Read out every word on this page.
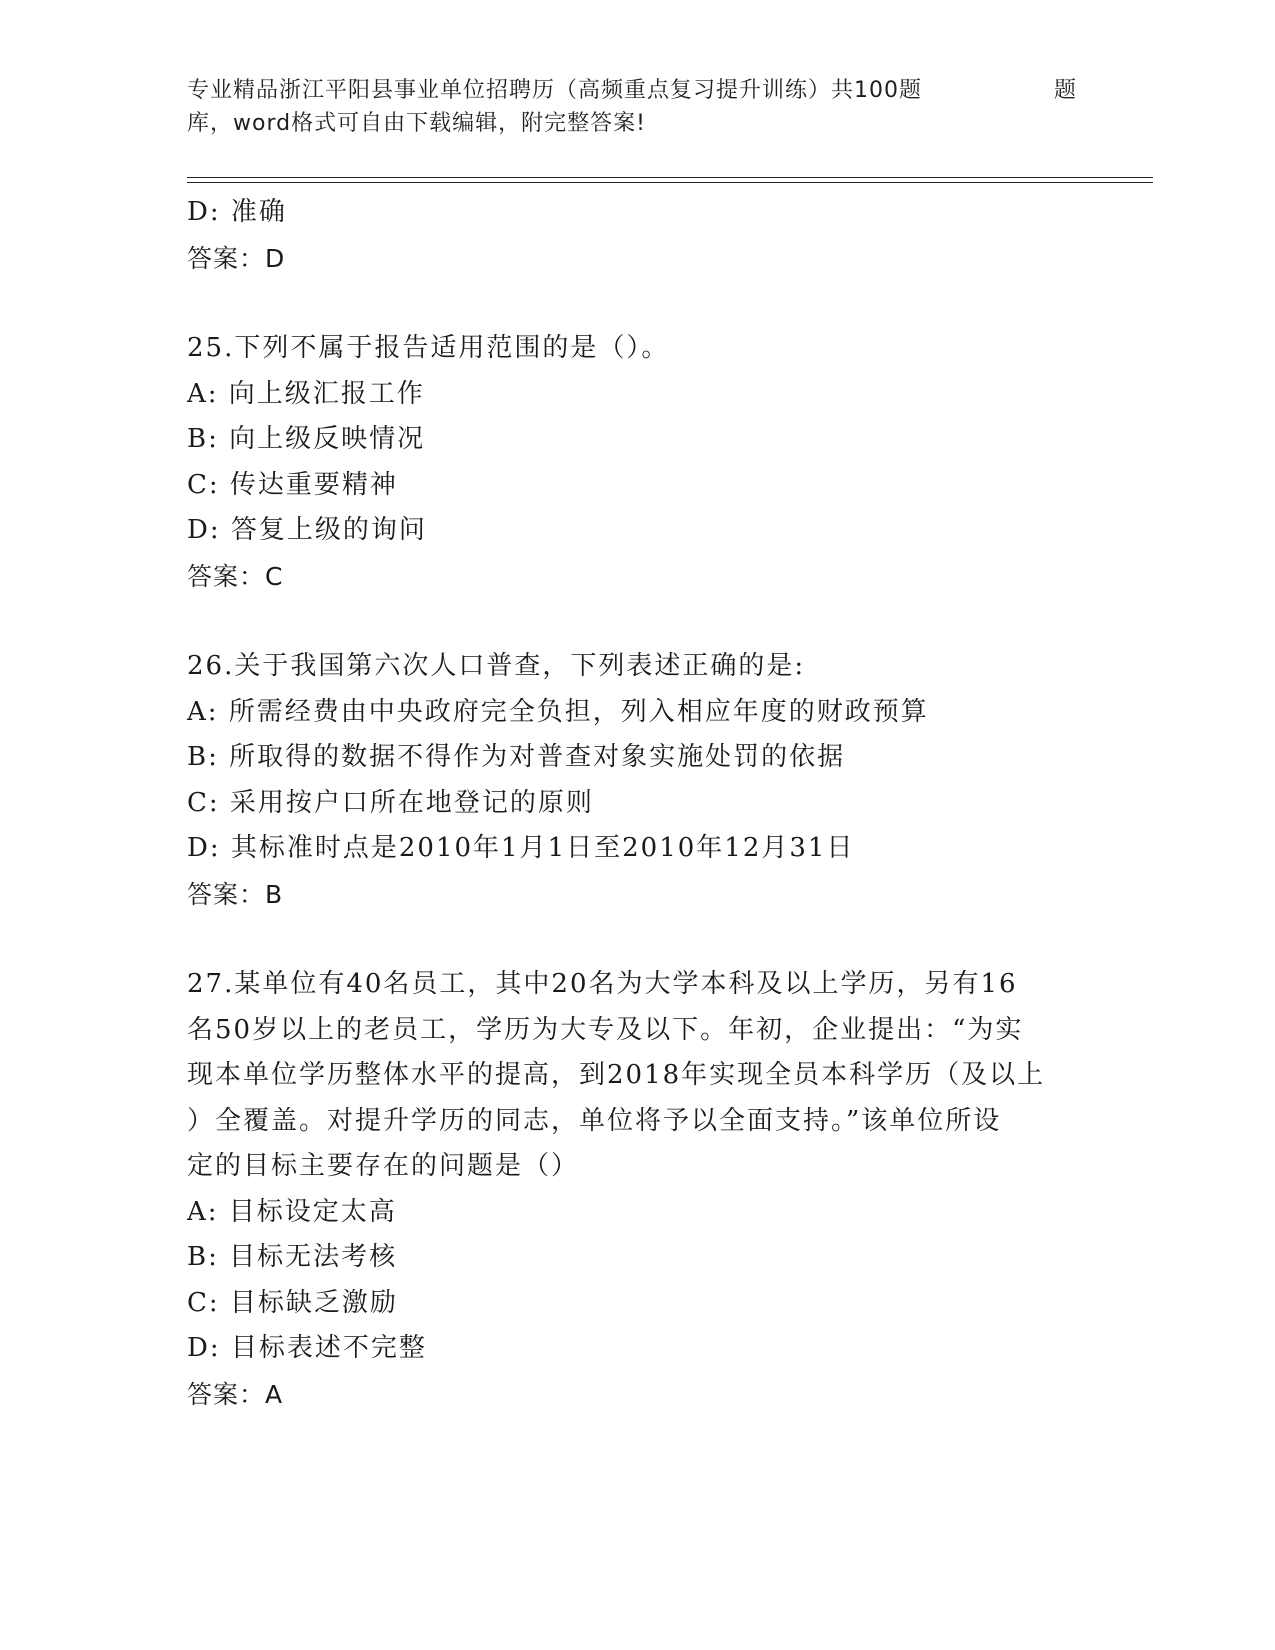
专业精品浙江平阳县事业单位招聘历（高频重点复习提升训练）共100题	题
库，word格式可自由下载编辑，附完整答案!
D: 准确
答案：D
25.下列不属于报告适用范围的是（）。
A: 向上级汇报工作
B: 向上级反映情况
C: 传达重要精神
D: 答复上级的询问
答案：C
26.关于我国第六次人口普查，下列表述正确的是:
A: 所需经费由中央政府完全负担，列入相应年度的财政预算
B: 所取得的数据不得作为对普查对象实施处罚的依据
C: 采用按户口所在地登记的原则
D: 其标准时点是2010年1月1日至2010年12月31日
答案：B
27.某单位有40名员工，其中20名为大学本科及以上学历，另有16
名50岁以上的老员工，学历为大专及以下。年初，企业提出：“为实
现本单位学历整体水平的提高，到2018年实现全员本科学历（及以上
）全覆盖。对提升学历的同志，单位将予以全面支持。”该单位所设
定的目标主要存在的问题是（）
A: 目标设定太高
B: 目标无法考核
C: 目标缺乏激励
D: 目标表述不完整
答案：A
